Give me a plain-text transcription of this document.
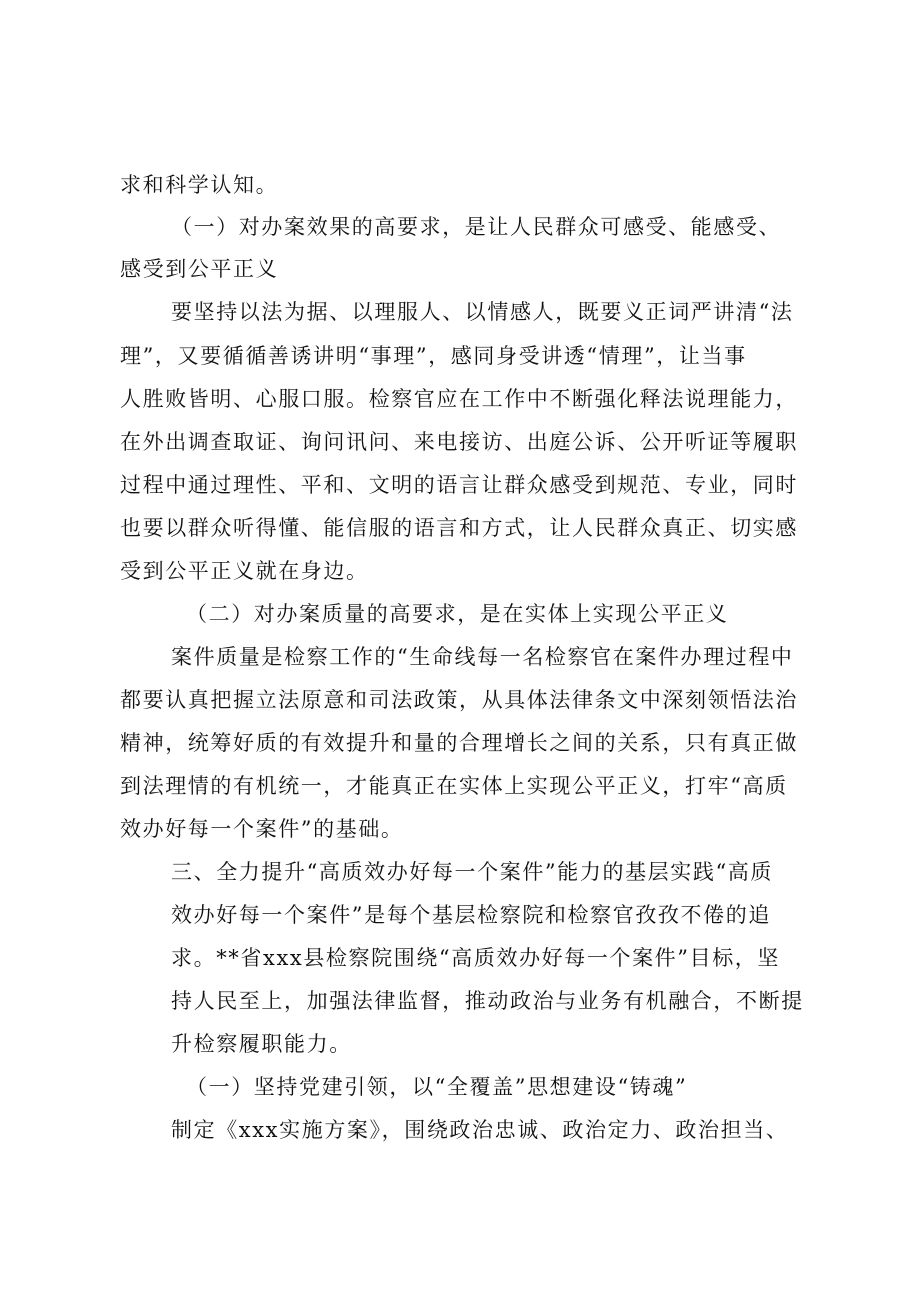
求和科学认知。

（一）对办案效果的高要求，是让人民群众可感受、能感受、

感受到公平正义

要坚持以法为据、以理服人、以情感人，既要义正词严讲清“法

理”，又要循循善诱讲明“事理”，感同身受讲透“情理”，让当事

人胜败皆明、心服口服。检察官应在工作中不断强化释法说理能力，

在外出调查取证、询问讯问、来电接访、出庭公诉、公开听证等履职

过程中通过理性、平和、文明的语言让群众感受到规范、专业，同时

也要以群众听得懂、能信服的语言和方式，让人民群众真正、切实感

受到公平正义就在身边。

（二）对办案质量的高要求，是在实体上实现公平正义

案件质量是检察工作的“生命线每一名检察官在案件办理过程中

都要认真把握立法原意和司法政策，从具体法律条文中深刻领悟法治

精神，统筹好质的有效提升和量的合理增长之间的关系，只有真正做

到法理情的有机统一，才能真正在实体上实现公平正义，打牢“高质

效办好每一个案件”的基础。

三、全力提升“高质效办好每一个案件”能力的基层实践“高质

效办好每一个案件”是每个基层检察院和检察官孜孜不倦的追

求。**省xxx县检察院围绕“高质效办好每一个案件”目标，坚

持人民至上，加强法律监督，推动政治与业务有机融合，不断提

升检察履职能力。

（一）坚持党建引领，以“全覆盖”思想建设“铸魂”

制定《xxx实施方案》，围绕政治忠诚、政治定力、政治担当、
